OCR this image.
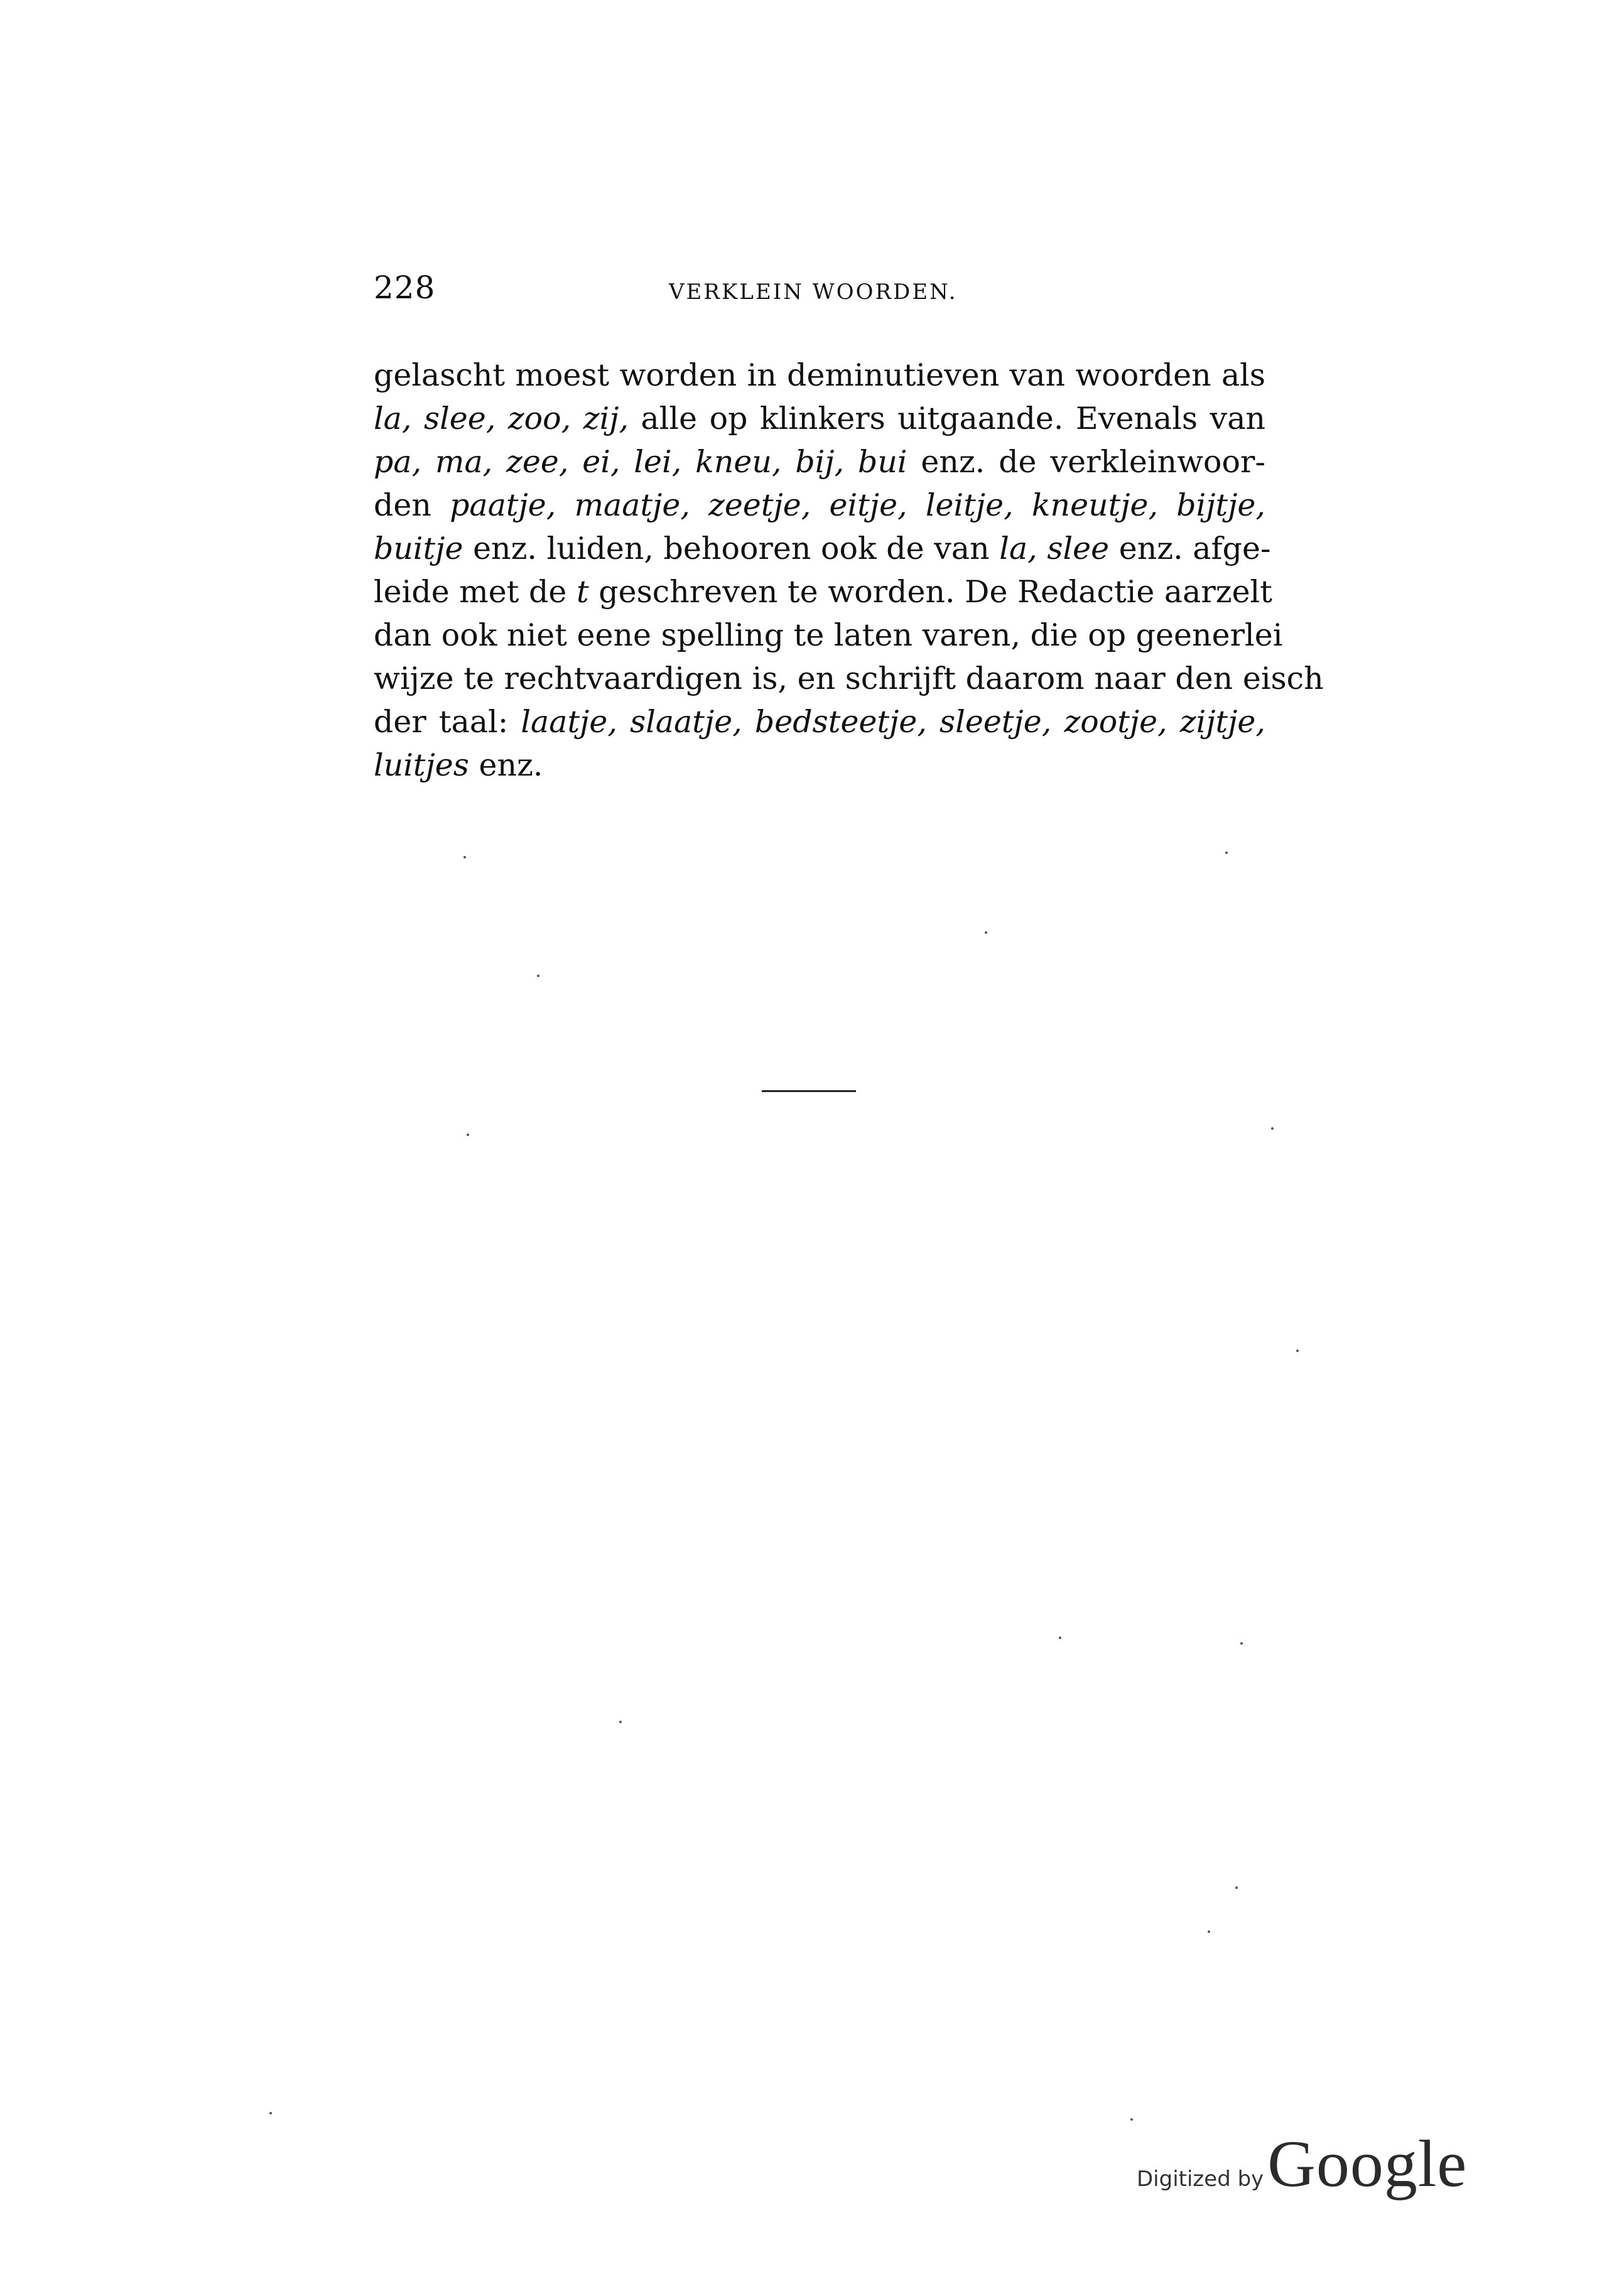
228	VERKLEIN WOORDEN.
gelascht moest worden in deminutieven van woorden als
la, slee, zoo, zij, alle op klinkers uitgaande. Evenals van
pa, ma, zee, ei, lei, kneu, bij, bui enz. de verkleinwoor-
den paatje, maatje, zeetje, eitje, leitje, kneutje, bijtje,
buitje enz. luiden, behooren ook de van la, slee enz. afge-
leide met de t geschreven te worden. De Redactie aarzelt
dan ook niet eene spelling te laten varen, die op geenerlei
wijze te rechtvaardigen is, en schrijft daarom naar den eisch
der taal: laatje, slaatje, bedsteetje, sleetje, zootje, zijtje,
luitjes enz.
Digitized byGoogle
